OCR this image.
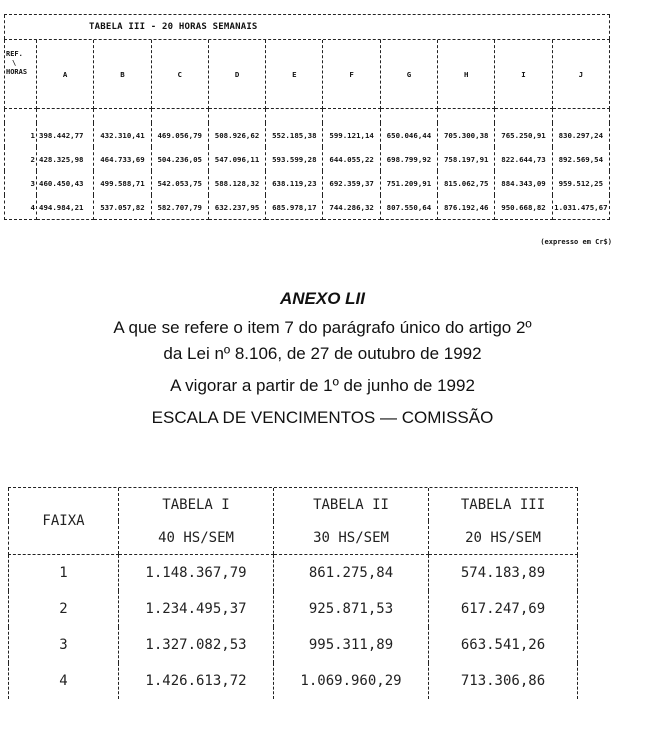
TABELA III - 20 HORAS SEMANAIS
REF.
\
HORAS	A	B	C	D	E	F	G	H	I	J

1	398.442,77	432.310,41	469.056,79	508.926,62	552.185,38	599.121,14	650.046,44	705.300,38	765.250,91	830.297,24
2	428.325,98	464.733,69	504.236,05	547.096,11	593.599,28	644.055,22	698.799,92	758.197,91	822.644,73	892.569,54
3	460.450,43	499.588,71	542.053,75	588.128,32	638.119,23	692.359,37	751.209,91	815.062,75	884.343,09	959.512,25
4	494.984,21	537.057,82	582.707,79	632.237,95	685.978,17	744.286,32	807.550,64	876.192,46	950.668,82	1.031.475,67
(expresso em Cr$)
ANEXO LII
A que se refere o item 7 do parágrafo único do artigo 2º
da Lei nº 8.106, de 27 de outubro de 1992
A vigorar a partir de 1º de junho de 1992
ESCALA DE VENCIMENTOS — COMISSÃO
FAIXA	TABELA I	TABELA II	TABELA III
	40 HS/SEM	30 HS/SEM	20 HS/SEM
1	1.148.367,79	861.275,84	574.183,89
2	1.234.495,37	925.871,53	617.247,69
3	1.327.082,53	995.311,89	663.541,26
4	1.426.613,72	1.069.960,29	713.306,86
